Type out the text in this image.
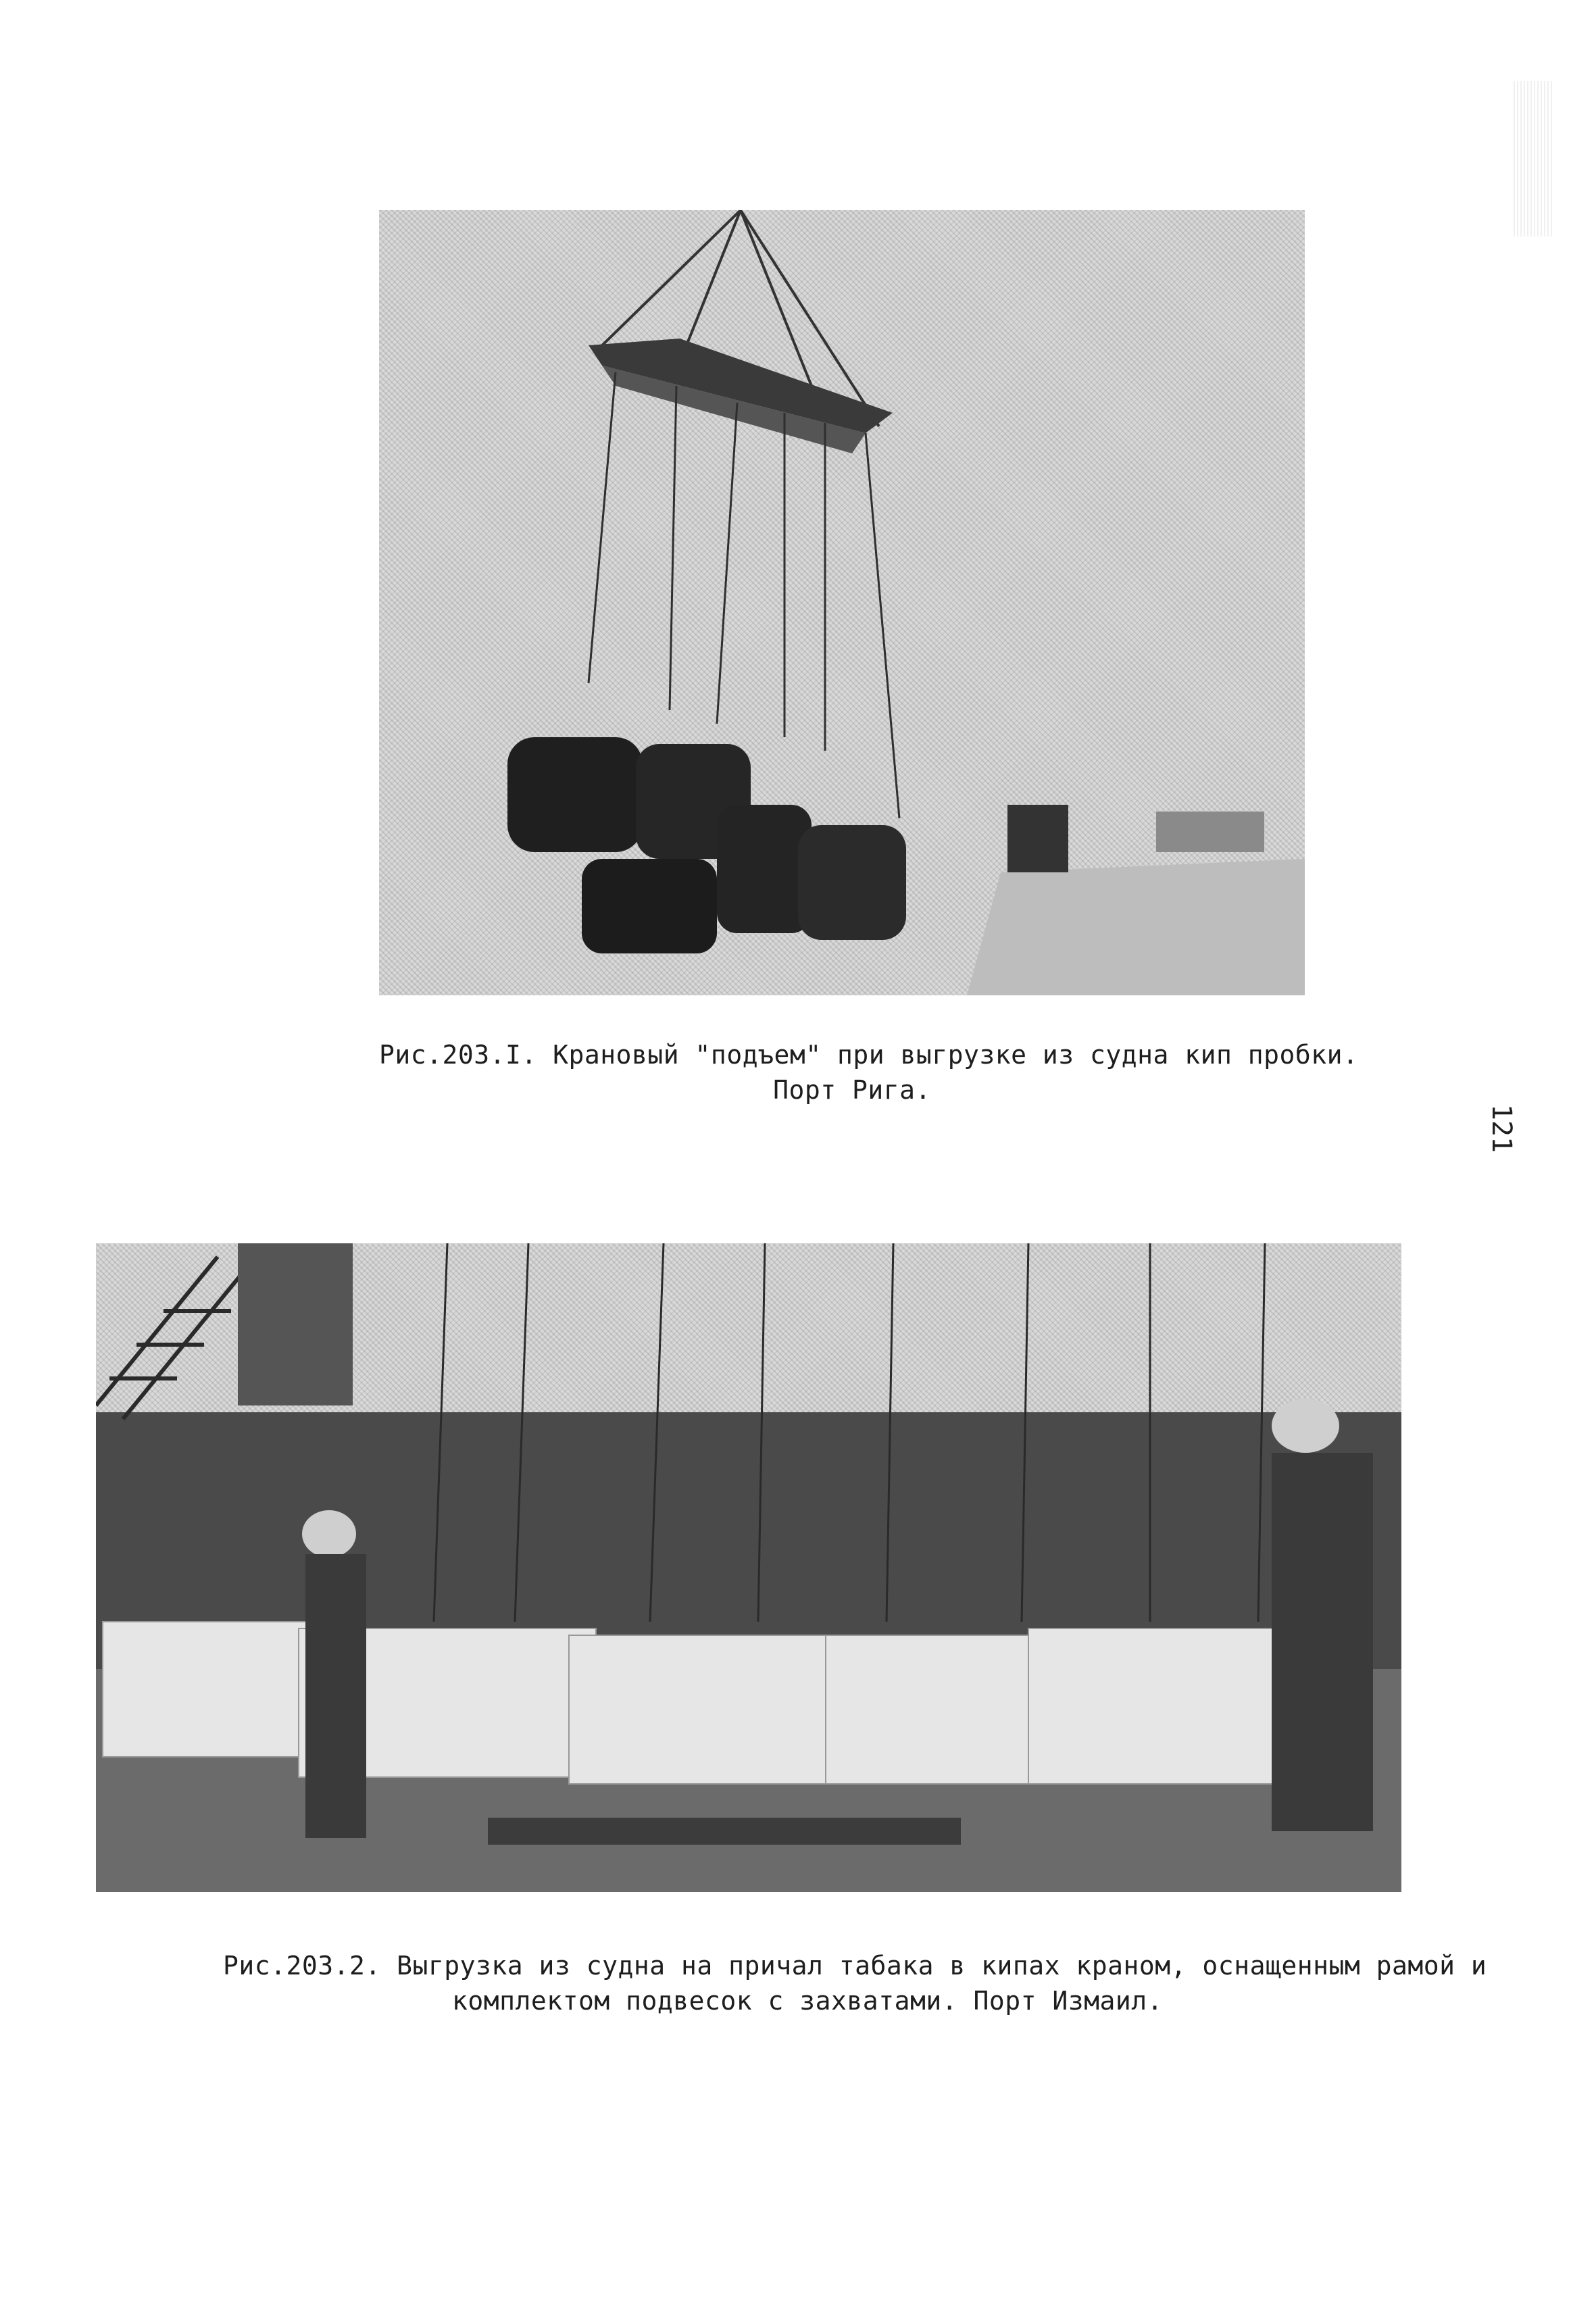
Рис.203.I. Крановый "подъем" при выгрузке из судна кип пробки.
Порт Рига.
121
Рис.203.2. Выгрузка из судна на причал табака в кипах краном, оснащенным рамой и
комплектом подвесок с захватами. Порт Измаил.
